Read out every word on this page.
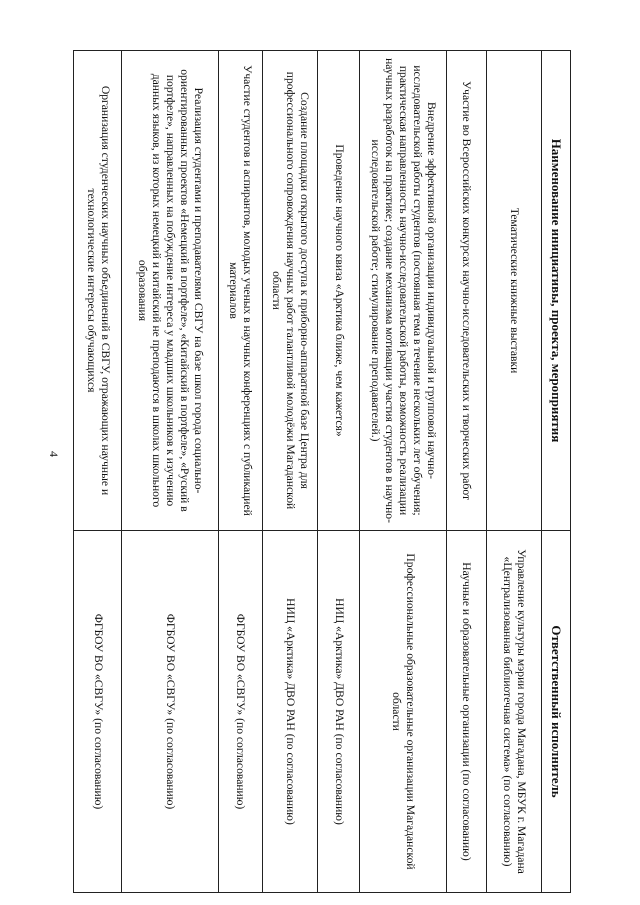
4
Наименование инициативы, проекта, мероприятия	Ответственный исполнитель
Тематические книжные выставки	Управление культуры мэрии города Магадана, МБУК г. Магадана «Централизованная библиотечная система» (по согласованию)
Участие во Всероссийских конкурсах научно-исследовательских и творческих работ	Научные и образовательные организации (по согласованию)
Внедрение эффективной организации индивидуальной и групповой научно-исследовательской работы студентов (постоянная тема в течение нескольких лет обучения; практическая направленность научно-исследовательской работы, возможность реализации научных разработок на практике; создание механизма мотивации участия студентов в научно-исследовательской работе; стимулирование преподавателей.)	Профессиональные образовательные организации Магаданской области
Проведение научного квиза «Арктика ближе, чем кажется»	НИЦ «Арктика» ДВО РАН (по согласованию)
Создание площадки открытого доступа к приборно-аппаратной базе Центра для профессионального сопровождения научных работ талантливой молодёжи Магаданской области	НИЦ «Арктика» ДВО РАН (по согласованию)
Участие студентов и аспирантов, молодых ученых в научных конференциях с публикацией материалов	ФГБОУ ВО «СВГУ» (по согласованию)
Реализация студентами и преподавателями СВГУ на базе школ города социально-ориентированных проектов «Немецкий в портфеле», «Китайский в портфеле», «Руский в портфеле», направленных на побуждение интереса у младших школьников к изучению данных языков, из которых немецкий и китайский не преподаются в школах школьного образования	ФГБОУ ВО «СВГУ» (по согласованию)
Организация студенческих научных объединений в СВГУ, отражающих научные и технологические интересы обучающихся	ФГБОУ ВО «СВГУ» (по согласованию)
